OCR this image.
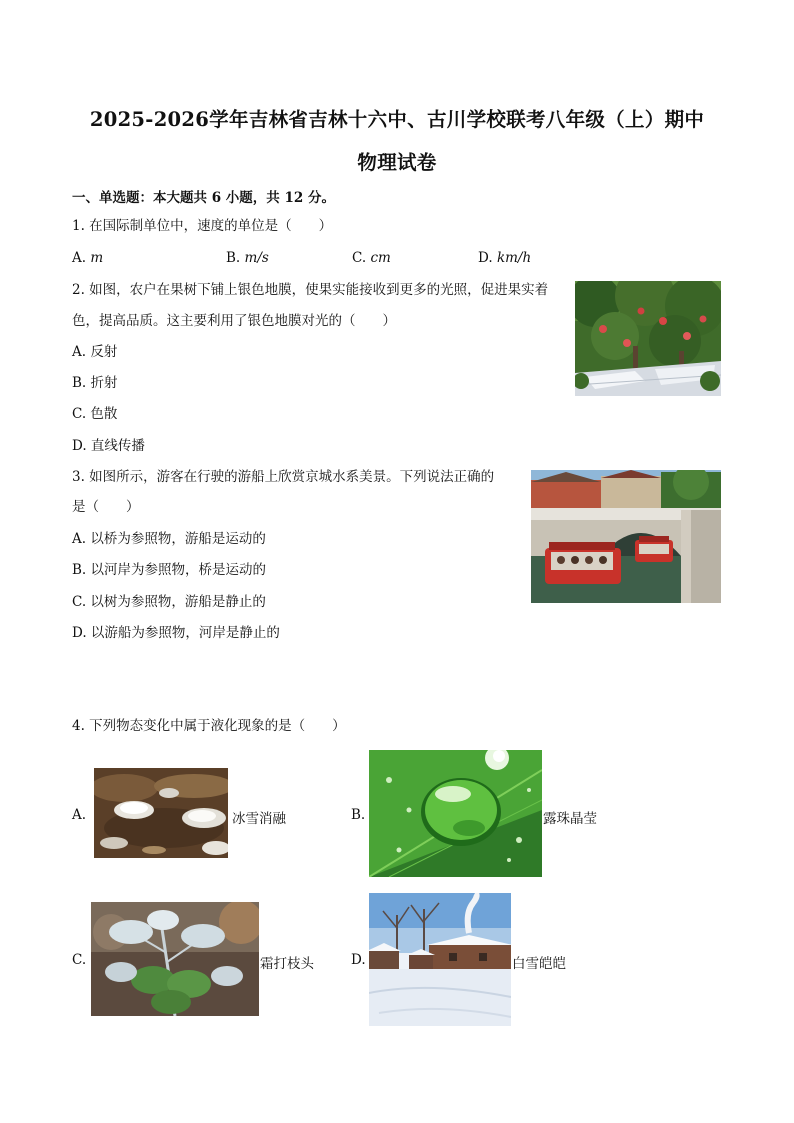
2025-2026学年吉林省吉林十六中、古川学校联考八年级（上）期中
物理试卷
一、单选题：本大题共 6 小题，共 12 分。
1. 在国际制单位中，速度的单位是（　　）
A. m	B. m/s	C. cm	D. km/h
2. 如图，农户在果树下铺上银色地膜，使果实能接收到更多的光照，促进果实着
色，提高品质。这主要利用了银色地膜对光的（　　）
A. 反射
B. 折射
C. 色散
D. 直线传播
3. 如图所示，游客在行驶的游船上欣赏京城水系美景。下列说法正确的
是（　　）
A. 以桥为参照物，游船是运动的
B. 以河岸为参照物，桥是运动的
C. 以树为参照物，游船是静止的
D. 以游船为参照物，河岸是静止的
4. 下列物态变化中属于液化现象的是（　　）
A.	冰雪消融	B.	露珠晶莹
C.	霜打枝头	D.	白雪皑皑
